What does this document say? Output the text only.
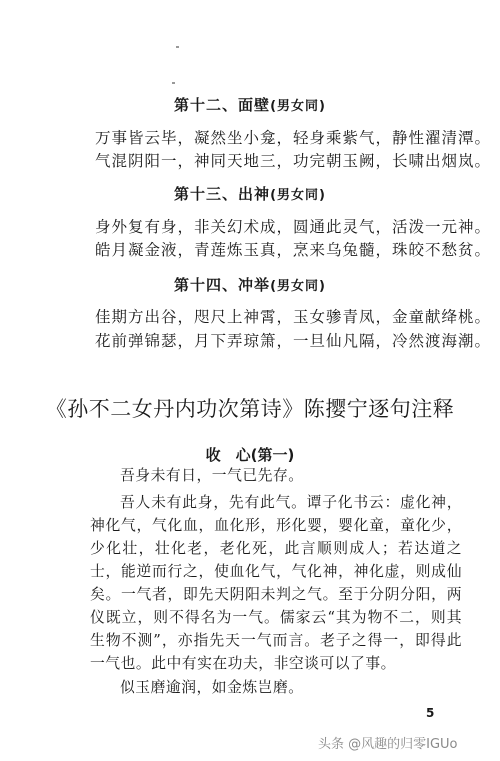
第十二、面壁(男女同)
万事皆云毕，凝然坐小龛，轻身乘紫气，静性濯清潭。
气混阴阳一，神同天地三，功完朝玉阙，长啸出烟岚。
第十三、出神(男女同)
身外复有身，非关幻术成，圆通此灵气，活泼一元神。
皓月凝金液，青莲炼玉真，烹来乌兔髓，珠皎不愁贫。
第十四、冲举(男女同)
佳期方出谷，咫尺上神霄，玉女骖青凤，金童献绛桃。
花前弹锦瑟，月下弄琼箫，一旦仙凡隔，冷然渡海潮。
《孙不二女丹内功次第诗》陈撄宁逐句注释
收　心(第一)
吾身未有日，一气已先存。
吾人未有此身，先有此气。谭子化书云：虚化神，神化气，气化血，血化形，形化婴，婴化童，童化少，少化壮，壮化老，老化死，此言顺则成人；若达道之士，能逆而行之，使血化气，气化神，神化虚，则成仙矣。一气者，即先天阴阳未判之气。至于分阴分阳，两仪既立，则不得名为一气。儒家云“其为物不二，则其生物不测”，亦指先天一气而言。老子之得一，即得此一气也。此中有实在功夫，非空谈可以了事。
似玉磨逾润，如金炼岂磨。
5
头条 @风趣的归零IGUo
